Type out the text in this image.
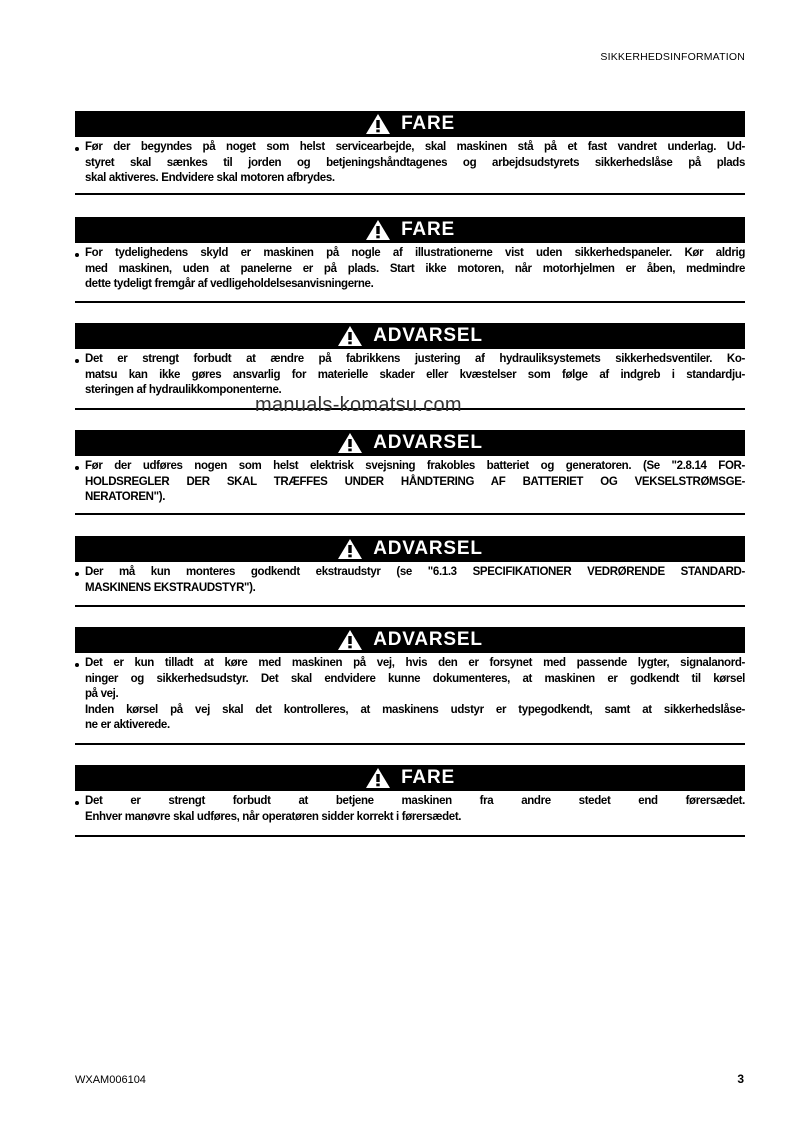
SIKKERHEDSINFORMATION
FARE
Før der begyndes på noget som helst servicearbejde, skal maskinen stå på et fast vandret underlag. Ud-
styret skal sænkes til jorden og betjeningshåndtagenes og arbejdsudstyrets sikkerhedslåse på plads
skal aktiveres. Endvidere skal motoren afbrydes.
FARE
For tydelighedens skyld er maskinen på nogle af illustrationerne vist uden sikkerhedspaneler. Kør aldrig
med maskinen, uden at panelerne er på plads. Start ikke motoren, når motorhjelmen er åben, medmindre
dette tydeligt fremgår af vedligeholdelsesanvisningerne.
ADVARSEL
Det er strengt forbudt at ændre på fabrikkens justering af hydrauliksystemets sikkerhedsventiler. Ko-
matsu kan ikke gøres ansvarlig for materielle skader eller kvæstelser som følge af indgreb i standardju-
steringen af hydraulikkomponenterne.
ADVARSEL
Før der udføres nogen som helst elektrisk svejsning frakobles batteriet og generatoren. (Se "2.8.14 FOR-
HOLDSREGLER DER SKAL TRÆFFES UNDER HÅNDTERING AF BATTERIET OG VEKSELSTRØMSGE-
NERATOREN").
ADVARSEL
Der må kun monteres godkendt ekstraudstyr (se "6.1.3 SPECIFIKATIONER VEDRØRENDE STANDARD-
MASKINENS EKSTRAUDSTYR").
ADVARSEL
Det er kun tilladt at køre med maskinen på vej, hvis den er forsynet med passende lygter, signalanord-
ninger og sikkerhedsudstyr. Det skal endvidere kunne dokumenteres, at maskinen er godkendt til kørsel
på vej.
Inden kørsel på vej skal det kontrolleres, at maskinens udstyr er typegodkendt, samt at sikkerhedslåse-
ne er aktiverede.
FARE
Det er strengt forbudt at betjene maskinen fra andre stedet end førersædet.
Enhver manøvre skal udføres, når operatøren sidder korrekt i førersædet.
manuals-komatsu.com
WXAM006104	3
